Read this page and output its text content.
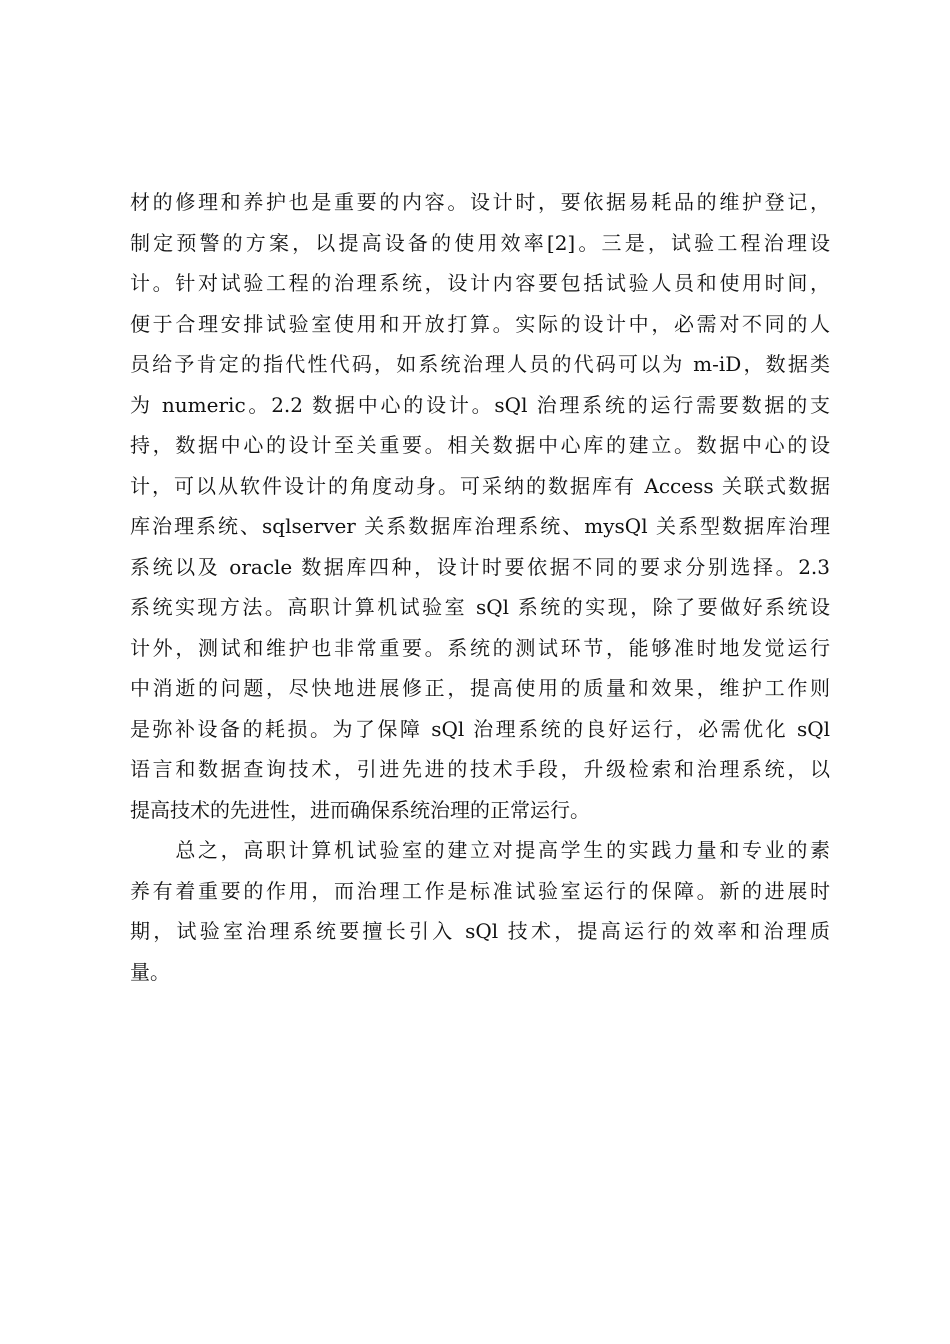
材的修理和养护也是重要的内容。设计时，要依据易耗品的维护登记，
制定预警的方案，以提高设备的使用效率[2]。三是，试验工程治理设
计。针对试验工程的治理系统，设计内容要包括试验人员和使用时间，
便于合理安排试验室使用和开放打算。实际的设计中，必需对不同的人
员给予肯定的指代性代码，如系统治理人员的代码可以为 m-iD，数据类
为 numeric。2.2 数据中心的设计。sQl 治理系统的运行需要数据的支
持，数据中心的设计至关重要。相关数据中心库的建立。数据中心的设
计，可以从软件设计的角度动身。可采纳的数据库有 Access 关联式数据
库治理系统、sqlserver 关系数据库治理系统、mysQl 关系型数据库治理
系统以及 oracle 数据库四种，设计时要依据不同的要求分别选择。2.3
系统实现方法。高职计算机试验室 sQl 系统的实现，除了要做好系统设
计外，测试和维护也非常重要。系统的测试环节，能够准时地发觉运行
中消逝的问题，尽快地进展修正，提高使用的质量和效果，维护工作则
是弥补设备的耗损。为了保障 sQl 治理系统的良好运行，必需优化 sQl
语言和数据查询技术，引进先进的技术手段，升级检索和治理系统，以
提高技术的先进性，进而确保系统治理的正常运行。
　　总之，高职计算机试验室的建立对提高学生的实践力量和专业的素
养有着重要的作用，而治理工作是标准试验室运行的保障。新的进展时
期，试验室治理系统要擅长引入 sQl 技术，提高运行的效率和治理质
量。
